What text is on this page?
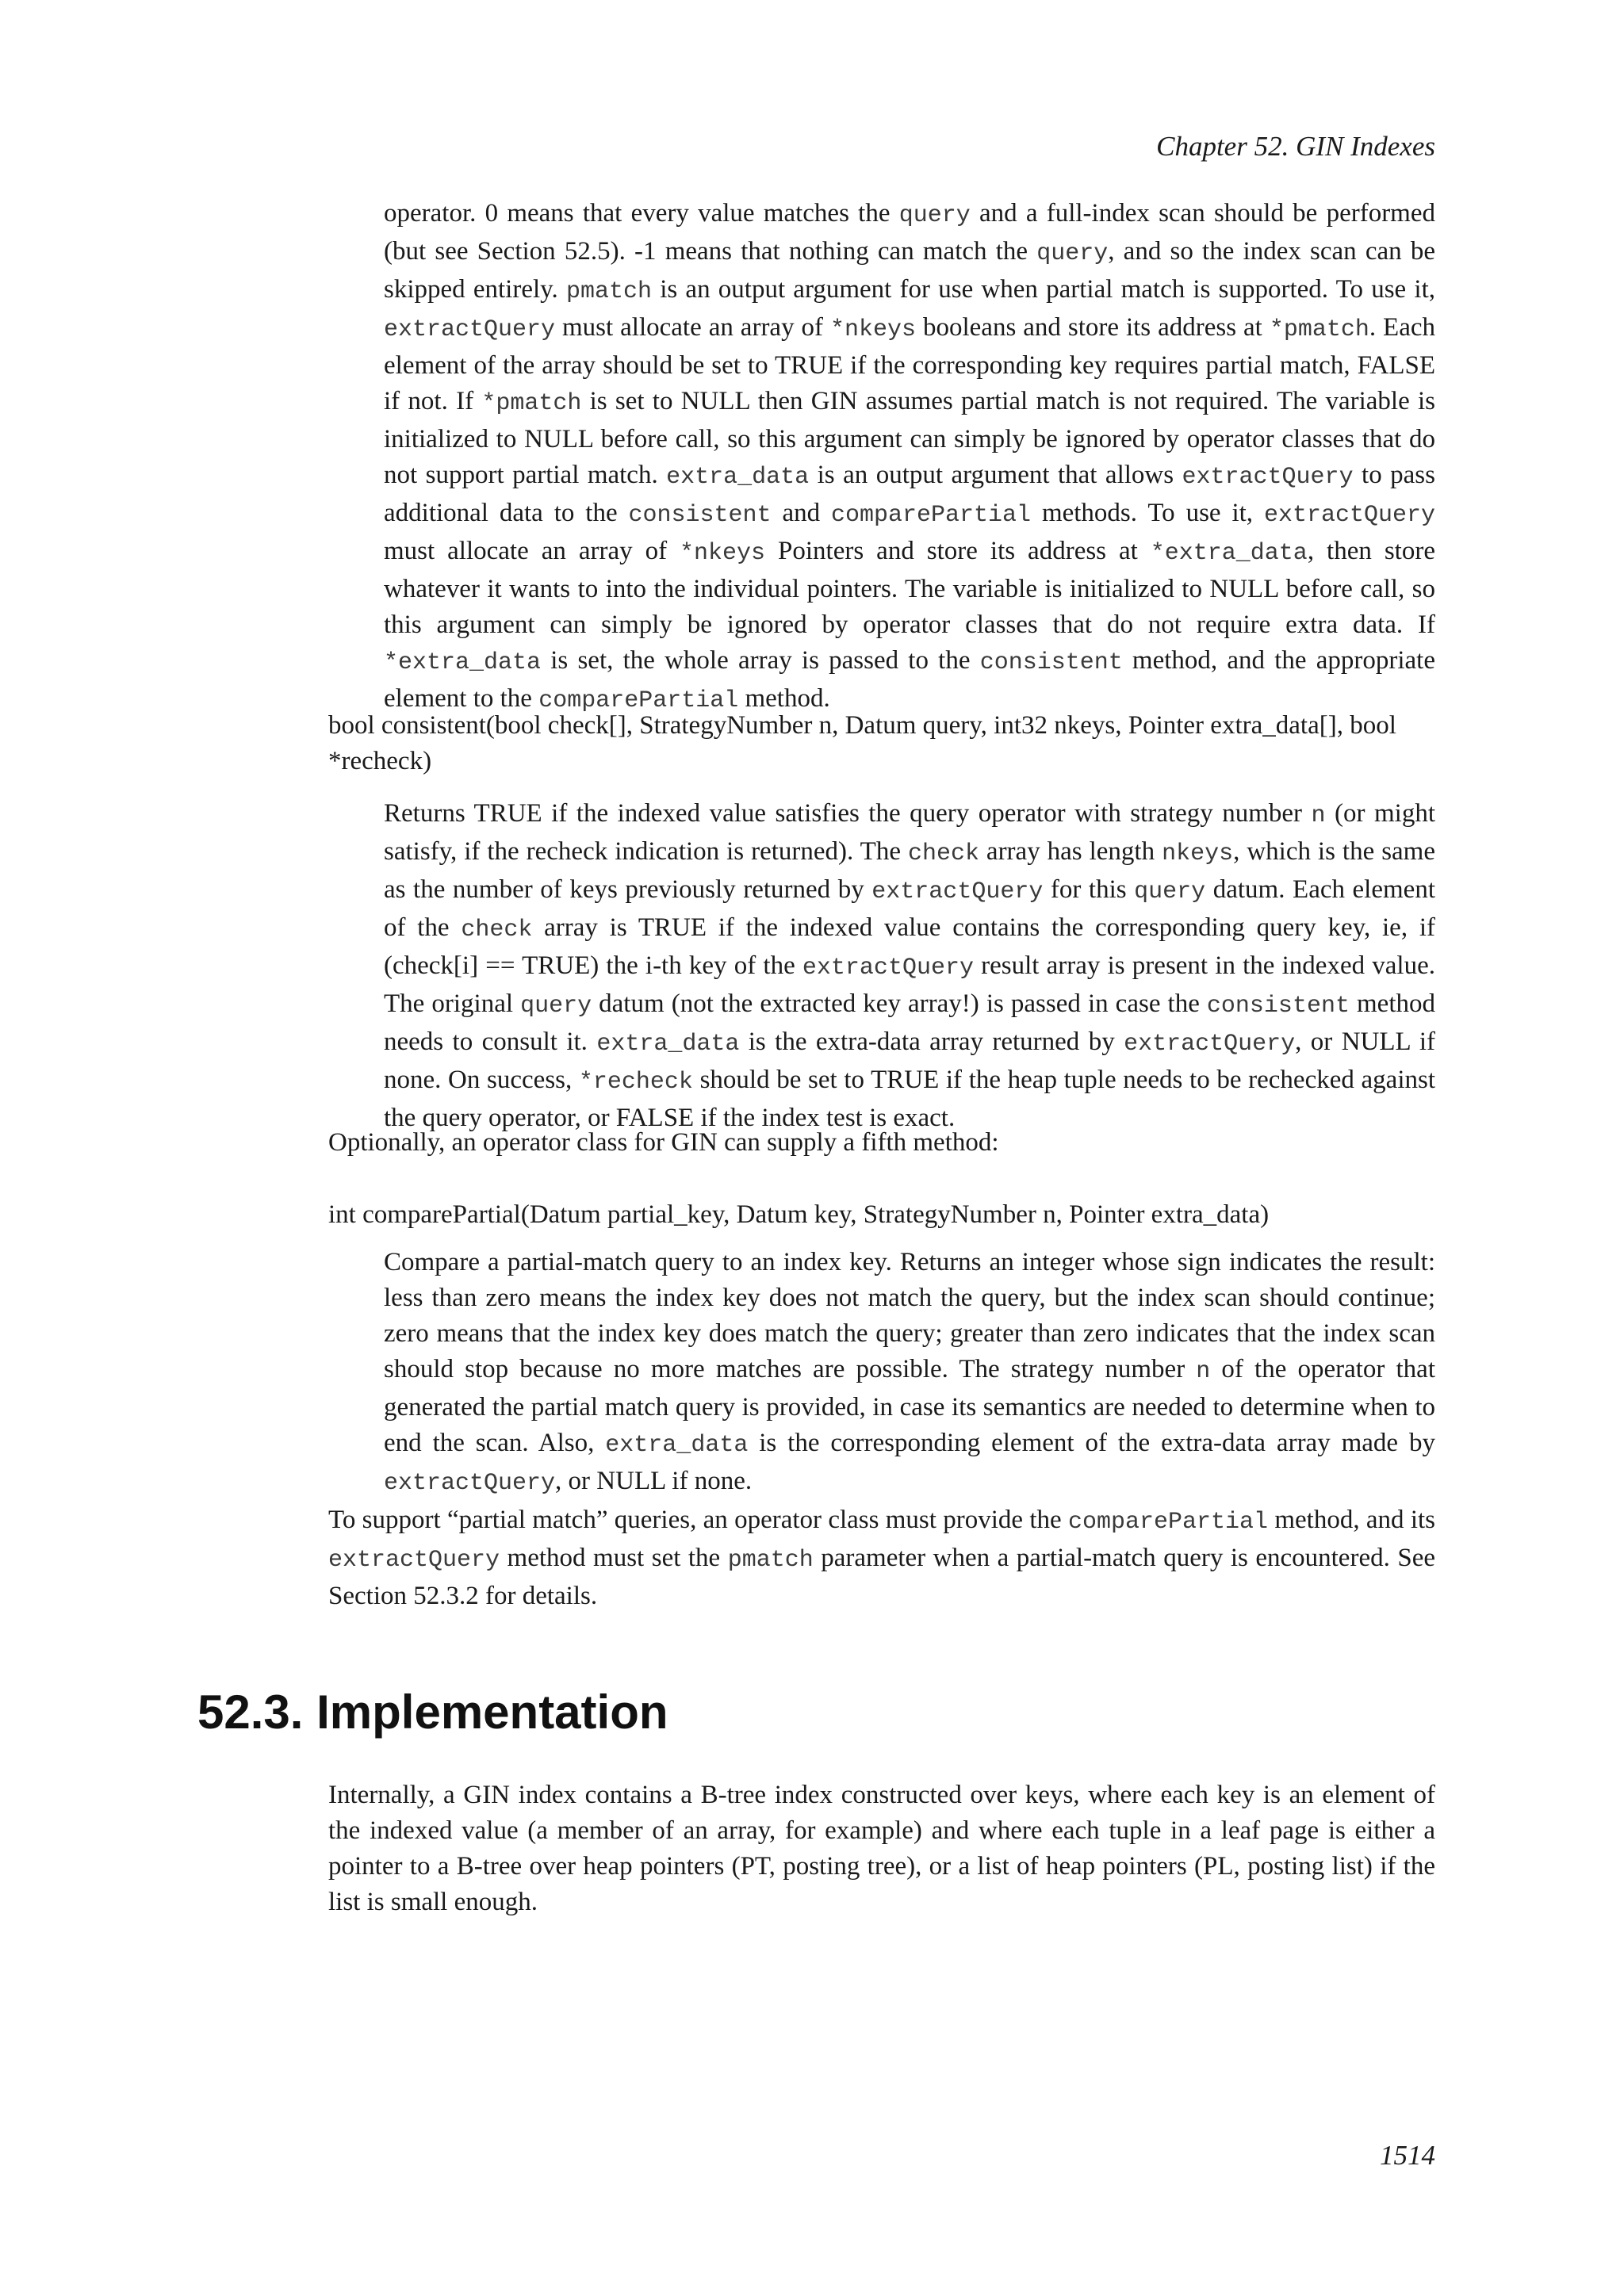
Chapter 52. GIN Indexes

operator. 0 means that every value matches the query and a full-index scan should be performed (but see Section 52.5). -1 means that nothing can match the query, and so the index scan can be skipped entirely. pmatch is an output argument for use when partial match is supported. To use it, extractQuery must allocate an array of *nkeys booleans and store its address at *pmatch. Each element of the array should be set to TRUE if the corresponding key requires partial match, FALSE if not. If *pmatch is set to NULL then GIN assumes partial match is not required. The variable is initialized to NULL before call, so this argument can simply be ignored by operator classes that do not support partial match. extra_data is an output argument that allows extractQuery to pass additional data to the consistent and comparePartial methods. To use it, extractQuery must allocate an array of *nkeys Pointers and store its address at *extra_data, then store whatever it wants to into the individual pointers. The variable is initialized to NULL before call, so this argument can simply be ignored by operator classes that do not require extra data. If *extra_data is set, the whole array is passed to the consistent method, and the appropriate element to the comparePartial method.

bool consistent(bool check[], StrategyNumber n, Datum query, int32 nkeys, Pointer extra_data[], bool *recheck)

Returns TRUE if the indexed value satisfies the query operator with strategy number n (or might satisfy, if the recheck indication is returned). The check array has length nkeys, which is the same as the number of keys previously returned by extractQuery for this query datum. Each element of the check array is TRUE if the indexed value contains the corresponding query key, ie, if (check[i] == TRUE) the i-th key of the extractQuery result array is present in the indexed value. The original query datum (not the extracted key array!) is passed in case the consistent method needs to consult it. extra_data is the extra-data array returned by extractQuery, or NULL if none. On success, *recheck should be set to TRUE if the heap tuple needs to be rechecked against the query operator, or FALSE if the index test is exact.

Optionally, an operator class for GIN can supply a fifth method:

int comparePartial(Datum partial_key, Datum key, StrategyNumber n, Pointer extra_data)

Compare a partial-match query to an index key. Returns an integer whose sign indicates the result: less than zero means the index key does not match the query, but the index scan should continue; zero means that the index key does match the query; greater than zero indicates that the index scan should stop because no more matches are possible. The strategy number n of the operator that generated the partial match query is provided, in case its semantics are needed to determine when to end the scan. Also, extra_data is the corresponding element of the extra-data array made by extractQuery, or NULL if none.

To support “partial match” queries, an operator class must provide the comparePartial method, and its extractQuery method must set the pmatch parameter when a partial-match query is encountered. See Section 52.3.2 for details.

52.3. Implementation

Internally, a GIN index contains a B-tree index constructed over keys, where each key is an element of the indexed value (a member of an array, for example) and where each tuple in a leaf page is either a pointer to a B-tree over heap pointers (PT, posting tree), or a list of heap pointers (PL, posting list) if the list is small enough.

1514
